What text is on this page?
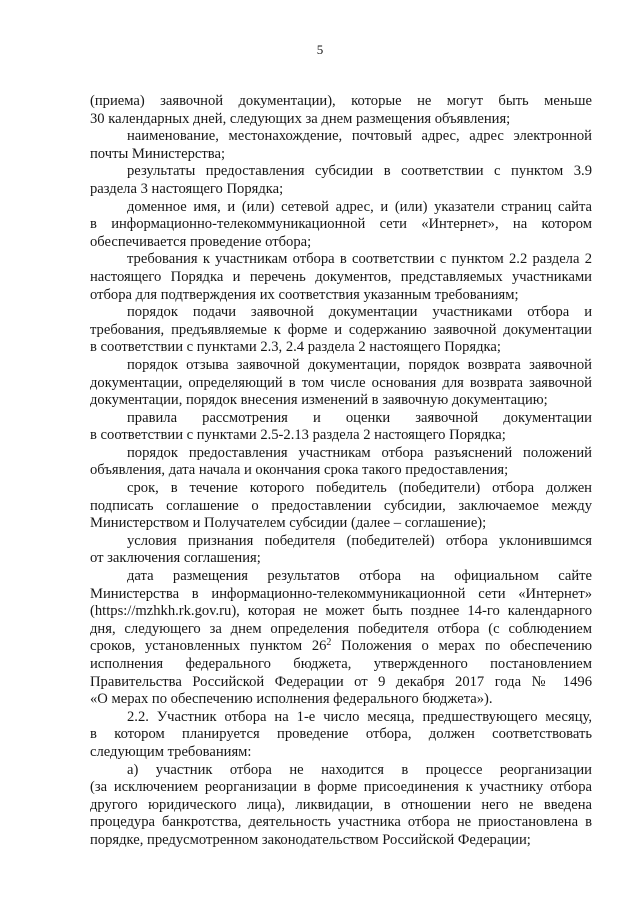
5
(приема) заявочной документации), которые не могут быть меньше
30 календарных дней, следующих за днем размещения объявления;
наименование, местонахождение, почтовый адрес, адрес электронной
почты Министерства;
результаты предоставления субсидии в соответствии с пунктом 3.9
раздела 3 настоящего Порядка;
доменное имя, и (или) сетевой адрес, и (или) указатели страниц сайта
в информационно-телекоммуникационной сети «Интернет», на котором
обеспечивается проведение отбора;
требования к участникам отбора в соответствии с пунктом 2.2 раздела 2
настоящего Порядка и перечень документов, представляемых участниками
отбора для подтверждения их соответствия указанным требованиям;
порядок подачи заявочной документации участниками отбора и
требования, предъявляемые к форме и содержанию заявочной документации
в соответствии с пунктами 2.3, 2.4 раздела 2 настоящего Порядка;
порядок отзыва заявочной документации, порядок возврата заявочной
документации, определяющий в том числе основания для возврата заявочной
документации, порядок внесения изменений в заявочную документацию;
правила рассмотрения и оценки заявочной документации
в соответствии с пунктами 2.5-2.13 раздела 2 настоящего Порядка;
порядок предоставления участникам отбора разъяснений положений
объявления, дата начала и окончания срока такого предоставления;
срок, в течение которого победитель (победители) отбора должен
подписать соглашение о предоставлении субсидии, заключаемое между
Министерством и Получателем субсидии (далее – соглашение);
условия признания победителя (победителей) отбора уклонившимся
от заключения соглашения;
дата размещения результатов отбора на официальном сайте
Министерства в информационно-телекоммуникационной сети «Интернет»
(https://mzhkh.rk.gov.ru), которая не может быть позднее 14-го календарного
дня, следующего за днем определения победителя отбора (с соблюдением
сроков, установленных пунктом $26^2$ Положения о мерах по обеспечению
исполнения федерального бюджета, утвержденного постановлением
Правительства Российской Федерации от 9 декабря 2017 года № 1496
«О мерах по обеспечению исполнения федерального бюджета»).
2.2. Участник отбора на 1-е число месяца, предшествующего месяцу,
в котором планируется проведение отбора, должен соответствовать
следующим требованиям:
а) участник отбора не находится в процессе реорганизации
(за исключением реорганизации в форме присоединения к участнику отбора
другого юридического лица), ликвидации, в отношении него не введена
процедура банкротства, деятельность участника отбора не приостановлена в
порядке, предусмотренном законодательством Российской Федерации;
